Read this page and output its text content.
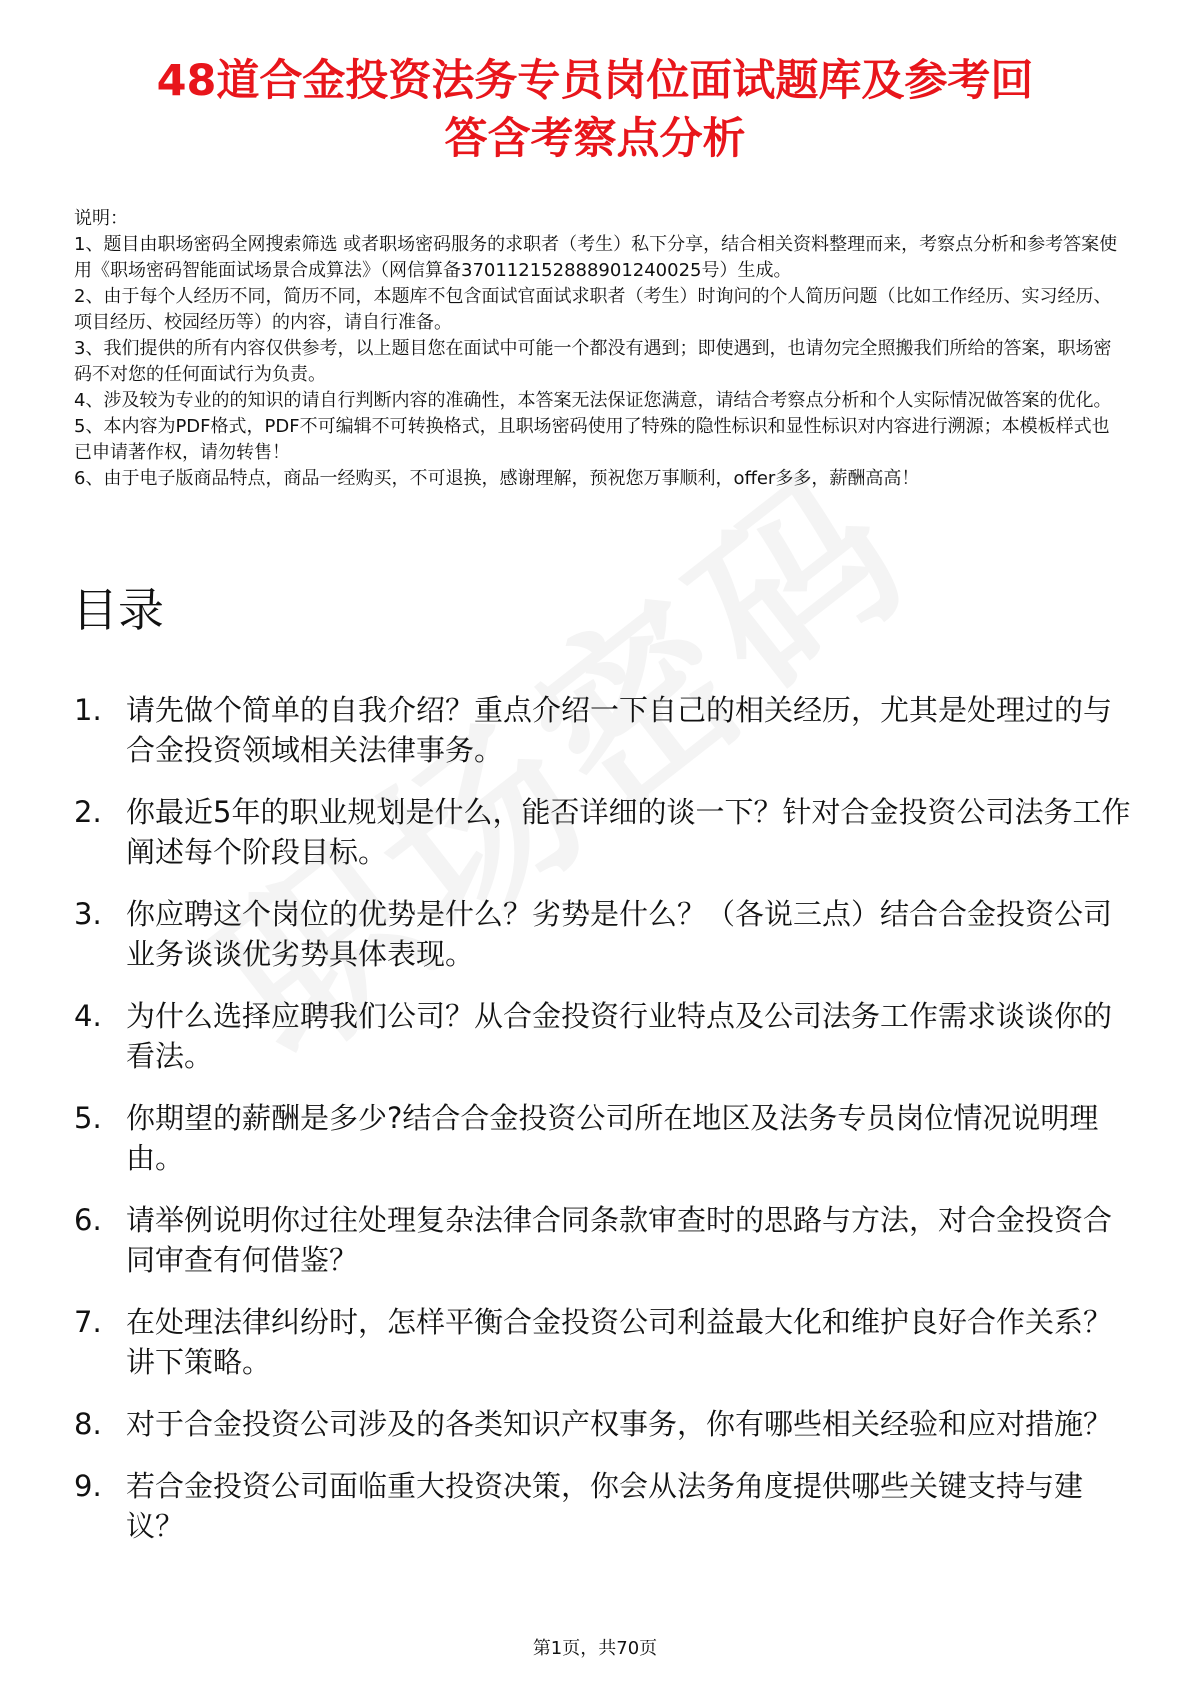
48道合金投资法务专员岗位面试题库及参考回
答含考察点分析

说明：

1、题目由职场密码全网搜索筛选 或者职场密码服务的求职者（考生）私下分享，结合相关资料整理而来，考察点分析和参考答案使用《职场密码智能面试场景合成算法》（网信算备370112152888901240025号）生成。

2、由于每个人经历不同，简历不同，本题库不包含面试官面试求职者（考生）时询问的个人简历问题（比如工作经历、实习经历、项目经历、校园经历等）的内容，请自行准备。

3、我们提供的所有内容仅供参考，以上题目您在面试中可能一个都没有遇到；即使遇到，也请勿完全照搬我们所给的答案，职场密码不对您的任何面试行为负责。

4、涉及较为专业的的知识的请自行判断内容的准确性，本答案无法保证您满意，请结合考察点分析和个人实际情况做答案的优化。

5、本内容为PDF格式，PDF不可编辑不可转换格式，且职场密码使用了特殊的隐性标识和显性标识对内容进行溯源；本模板样式也已申请著作权，请勿转售！

6、由于电子版商品特点，商品一经购买，不可退换，感谢理解，预祝您万事顺利，offer多多，薪酬高高！

目录
1. 请先做个简单的自我介绍？重点介绍一下自己的相关经历，尤其是处理过的与合金投资领域相关法律事务。
2. 你最近5年的职业规划是什么，能否详细的谈一下？针对合金投资公司法务工作阐述每个阶段目标。
3. 你应聘这个岗位的优势是什么？劣势是什么？（各说三点）结合合金投资公司业务谈谈优劣势具体表现。
4. 为什么选择应聘我们公司？从合金投资行业特点及公司法务工作需求谈谈你的看法。
5. 你期望的薪酬是多少?结合合金投资公司所在地区及法务专员岗位情况说明理由。
6. 请举例说明你过往处理复杂法律合同条款审查时的思路与方法，对合金投资合同审查有何借鉴？
7. 在处理法律纠纷时，怎样平衡合金投资公司利益最大化和维护良好合作关系？讲下策略。
8. 对于合金投资公司涉及的各类知识产权事务，你有哪些相关经验和应对措施？
9. 若合金投资公司面临重大投资决策，你会从法务角度提供哪些关键支持与建议？
第1页，共70页
